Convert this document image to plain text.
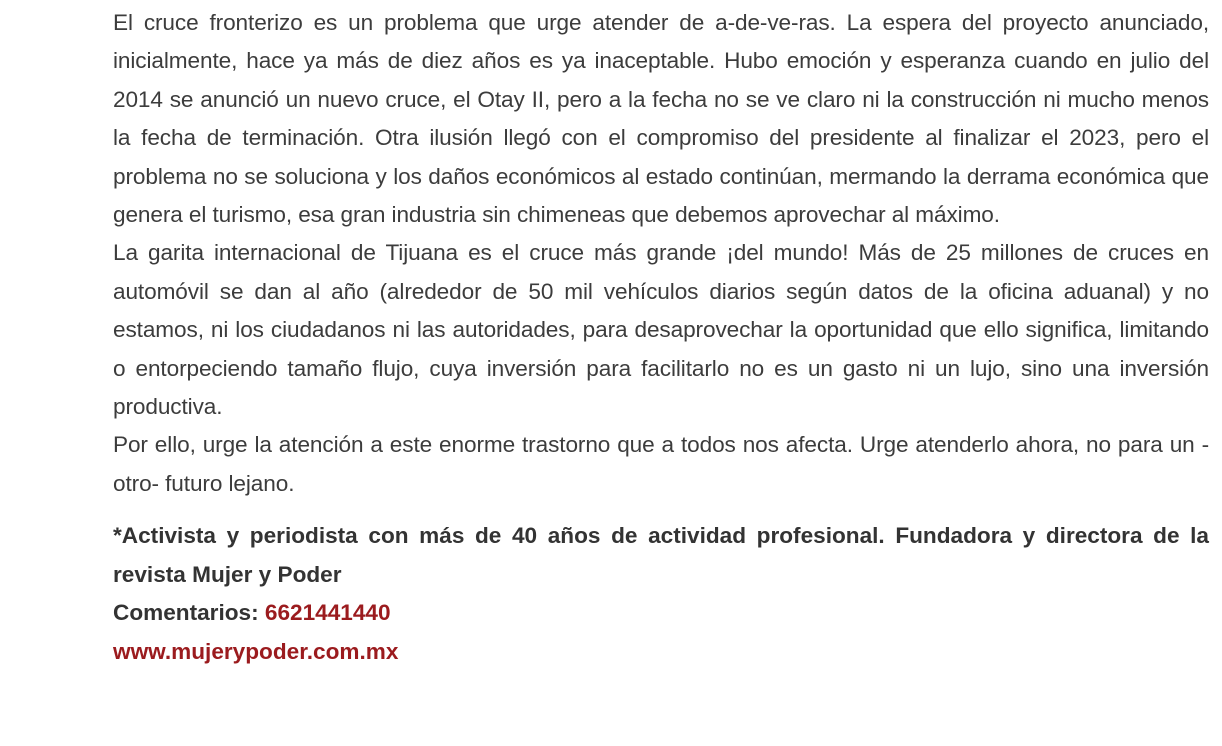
El cruce fronterizo es un problema que urge atender de a-de-ve-ras. La espera del proyecto anunciado, inicialmente, hace ya más de diez años es ya inaceptable. Hubo emoción y esperanza cuando en julio del 2014 se anunció un nuevo cruce, el Otay II, pero a la fecha no se ve claro ni la construcción ni mucho menos la fecha de terminación. Otra ilusión llegó con el compromiso del presidente al finalizar el 2023, pero el problema no se soluciona y los daños económicos al estado continúan, mermando la derrama económica que genera el turismo, esa gran industria sin chimeneas que debemos aprovechar al máximo.

La garita internacional de Tijuana es el cruce más grande ¡del mundo! Más de 25 millones de cruces en automóvil se dan al año (alrededor de 50 mil vehículos diarios según datos de la oficina aduanal) y no estamos, ni los ciudadanos ni las autoridades, para desaprovechar la oportunidad que ello significa, limitando o entorpeciendo tamaño flujo, cuya inversión para facilitarlo no es un gasto ni un lujo, sino una inversión productiva.

Por ello, urge la atención a este enorme trastorno que a todos nos afecta. Urge atenderlo ahora, no para un -otro- futuro lejano.

*Activista y periodista con más de 40 años de actividad profesional. Fundadora y directora de la revista Mujer y Poder

Comentarios: 6621441440

www.mujerypoder.com.mx
